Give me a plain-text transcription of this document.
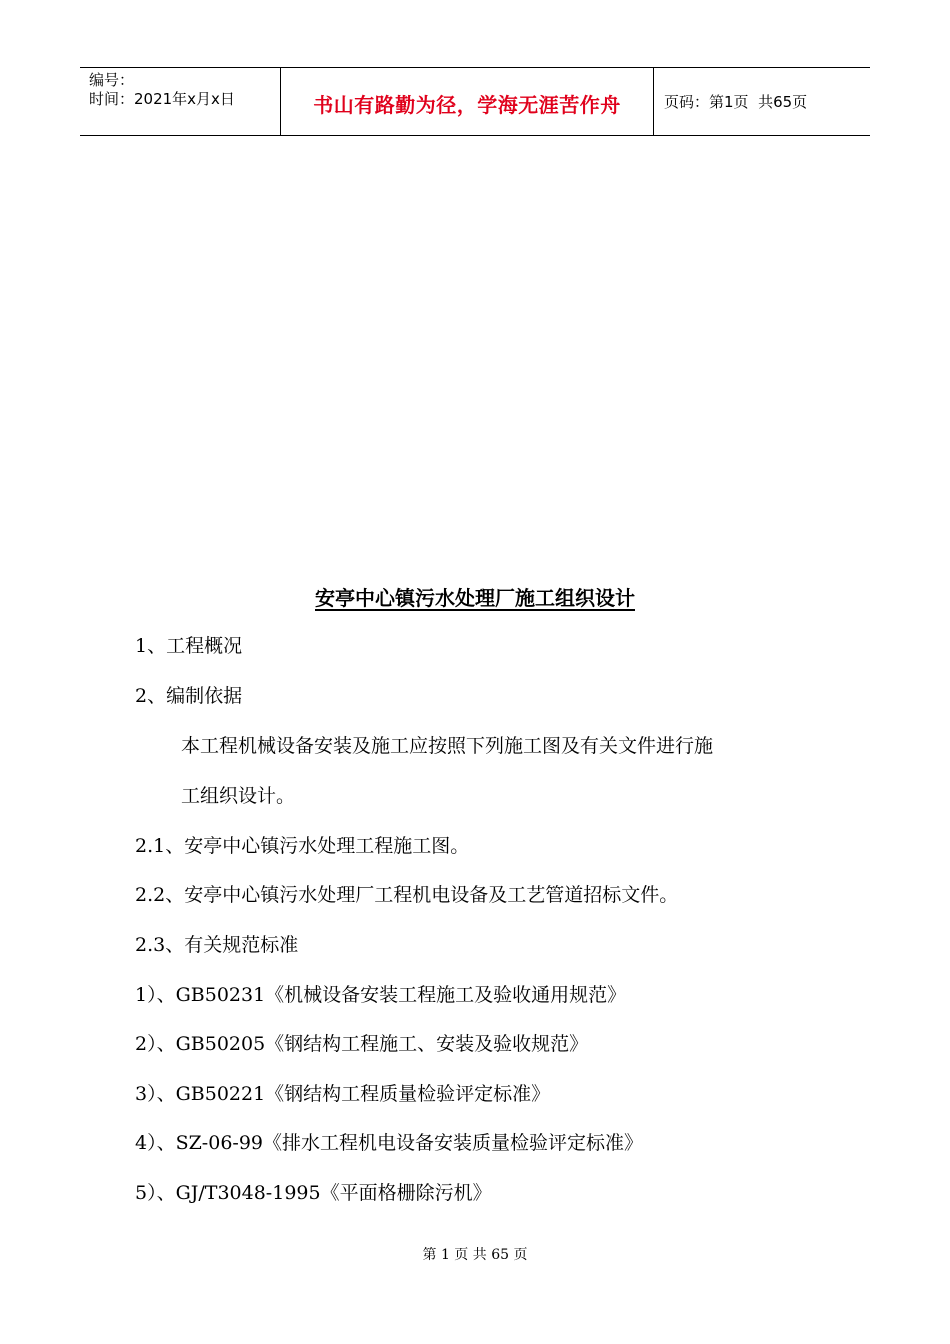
编号：
时间：2021年x月x日	书山有路勤为径，学海无涯苦作舟	页码：第1页  共65页
安亭中心镇污水处理厂施工组织设计
1、工程概况
2、编制依据
本工程机械设备安装及施工应按照下列施工图及有关文件进行施
工组织设计。
2.1、安亭中心镇污水处理工程施工图。
2.2、安亭中心镇污水处理厂工程机电设备及工艺管道招标文件。
2.3、有关规范标准
1）、GB50231《机械设备安装工程施工及验收通用规范》
2）、GB50205《钢结构工程施工、安装及验收规范》
3）、GB50221《钢结构工程质量检验评定标准》
4）、SZ-06-99《排水工程机电设备安装质量检验评定标准》
5）、GJ/T3048-1995《平面格栅除污机》
第 1 页 共 65 页
